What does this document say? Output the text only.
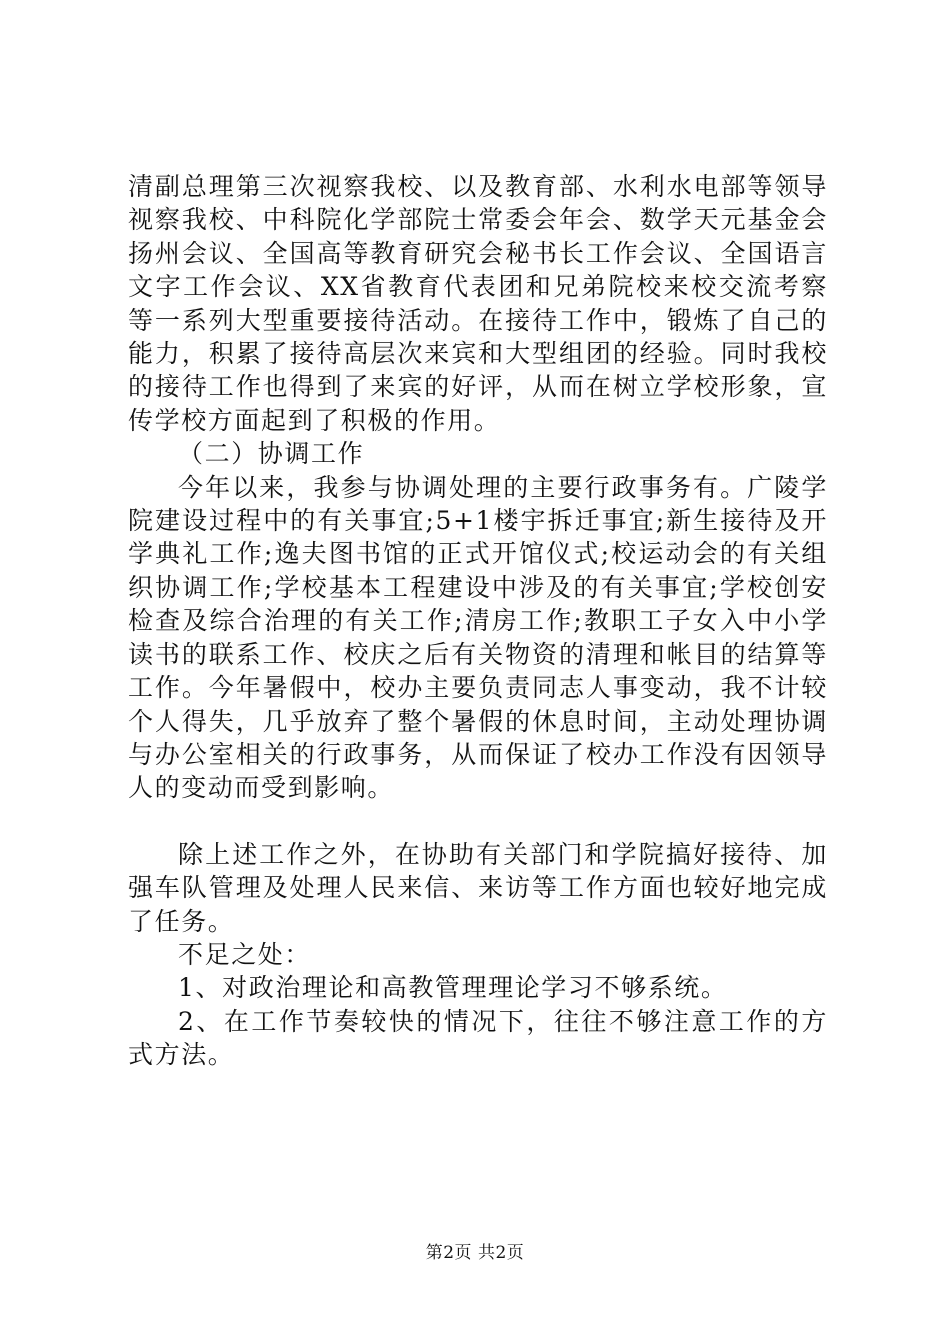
清副总理第三次视察我校、以及教育部、水利水电部等领导视察我校、中科院化学部院士常委会年会、数学天元基金会扬州会议、全国高等教育研究会秘书长工作会议、全国语言文字工作会议、XX省教育代表团和兄弟院校来校交流考察等一系列大型重要接待活动。在接待工作中，锻炼了自己的能力，积累了接待高层次来宾和大型组团的经验。同时我校的接待工作也得到了来宾的好评，从而在树立学校形象，宣传学校方面起到了积极的作用。

（二）协调工作

今年以来，我参与协调处理的主要行政事务有。广陵学院建设过程中的有关事宜;5+1楼宇拆迁事宜;新生接待及开学典礼工作;逸夫图书馆的正式开馆仪式;校运动会的有关组织协调工作;学校基本工程建设中涉及的有关事宜;学校创安检查及综合治理的有关工作;清房工作;教职工子女入中小学读书的联系工作、校庆之后有关物资的清理和帐目的结算等工作。今年暑假中，校办主要负责同志人事变动，我不计较个人得失，几乎放弃了整个暑假的休息时间，主动处理协调与办公室相关的行政事务，从而保证了校办工作没有因领导人的变动而受到影响。

除上述工作之外，在协助有关部门和学院搞好接待、加强车队管理及处理人民来信、来访等工作方面也较好地完成了任务。

不足之处：

1、对政治理论和高教管理理论学习不够系统。

2、在工作节奏较快的情况下，往往不够注意工作的方式方法。

第2页 共2页
